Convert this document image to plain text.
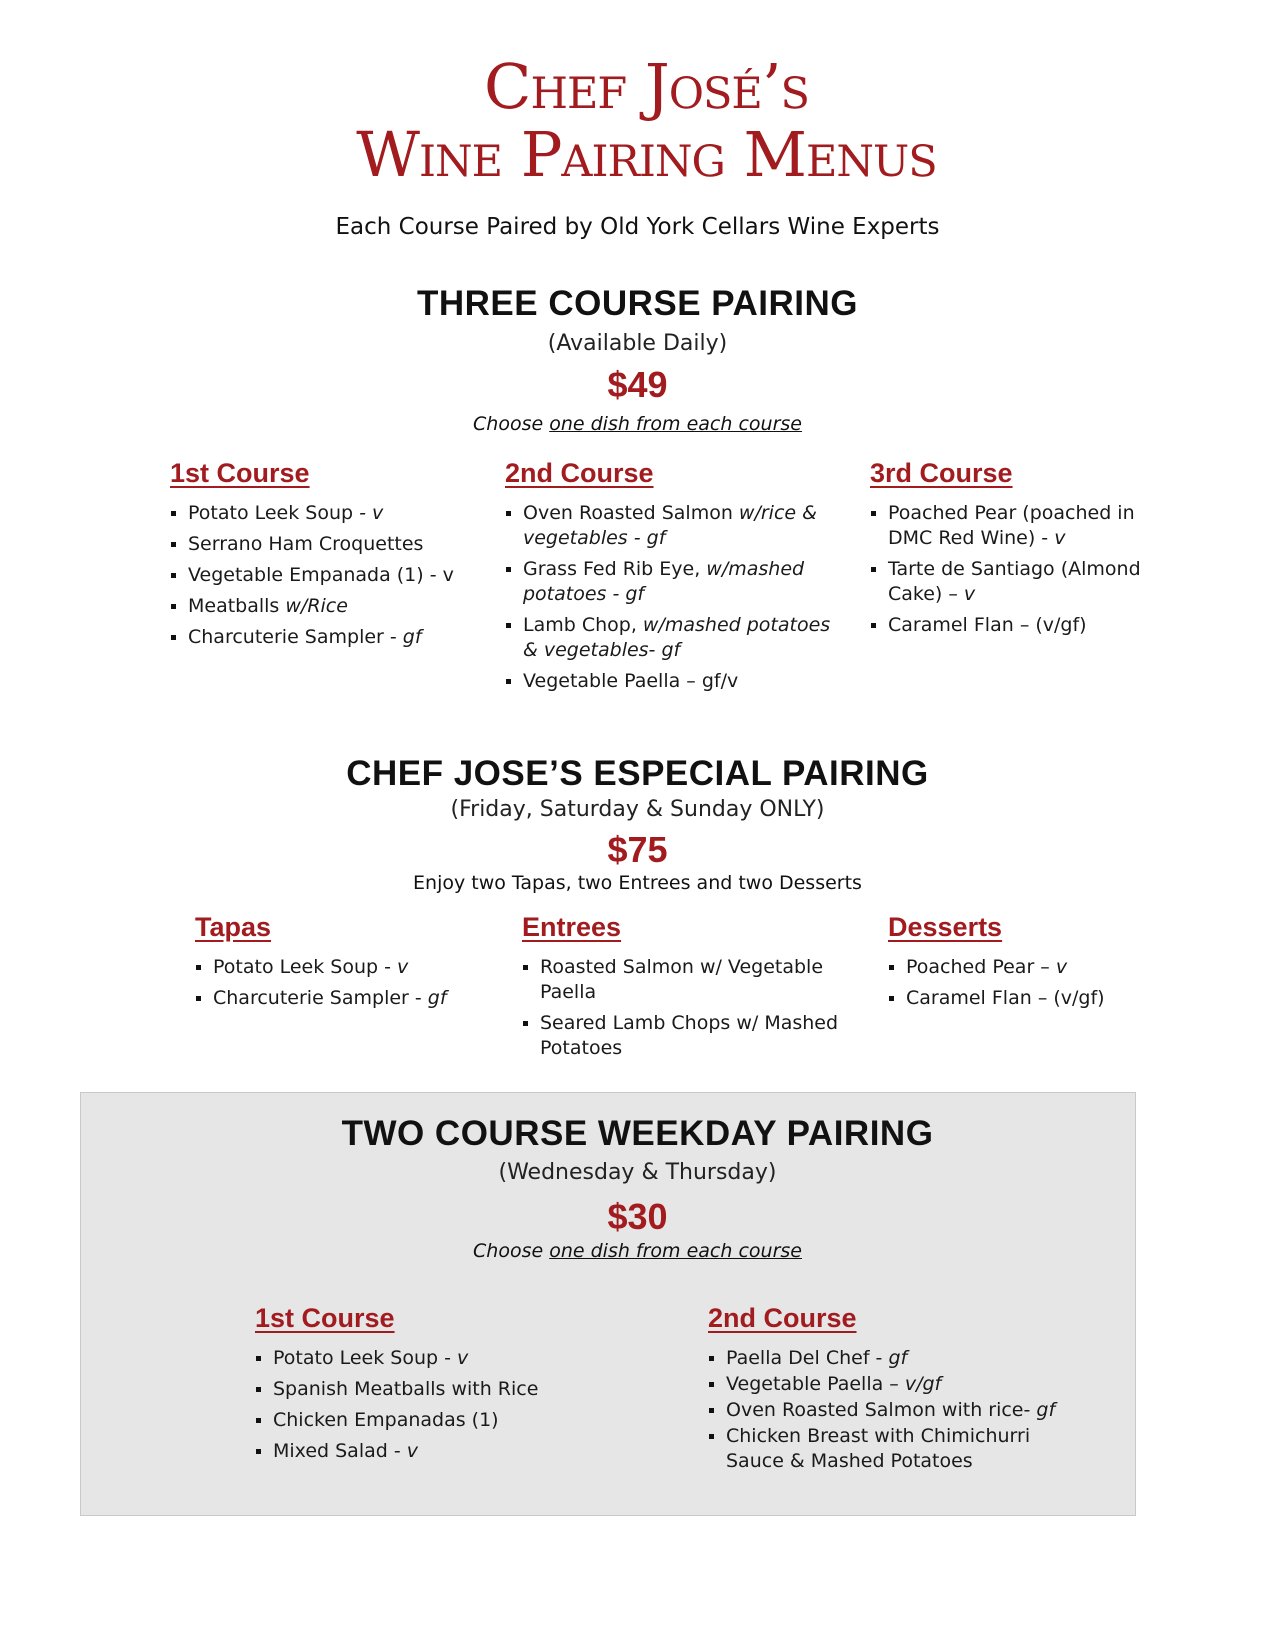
Chef José’s
Wine Pairing Menus
Each Course Paired by Old York Cellars Wine Experts
THREE COURSE PAIRING
(Available Daily)
$49
Choose one dish from each course
1st Course
Potato Leek Soup - v
Serrano Ham Croquettes
Vegetable Empanada (1) - v
Meatballs w/Rice
Charcuterie Sampler - gf
2nd Course
Oven Roasted Salmon w/rice & vegetables - gf
Grass Fed Rib Eye, w/mashed potatoes - gf
Lamb Chop, w/mashed potatoes & vegetables- gf
Vegetable Paella – gf/v
3rd Course
Poached Pear (poached in DMC Red Wine) - v
Tarte de Santiago (Almond Cake) – v
Caramel Flan – (v/gf)
CHEF JOSE’S ESPECIAL PAIRING
(Friday, Saturday & Sunday ONLY)
$75
Enjoy two Tapas, two Entrees and two Desserts
Tapas
Potato Leek Soup - v
Charcuterie Sampler - gf
Entrees
Roasted Salmon w/ Vegetable Paella
Seared Lamb Chops w/ Mashed Potatoes
Desserts
Poached Pear – v
Caramel Flan – (v/gf)
TWO COURSE WEEKDAY PAIRING
(Wednesday & Thursday)
$30
Choose one dish from each course
1st Course
Potato Leek Soup - v
Spanish Meatballs with Rice
Chicken Empanadas (1)
Mixed Salad - v
2nd Course
Paella Del Chef - gf
Vegetable Paella – v/gf
Oven Roasted Salmon with rice- gf
Chicken Breast with Chimichurri Sauce & Mashed Potatoes
